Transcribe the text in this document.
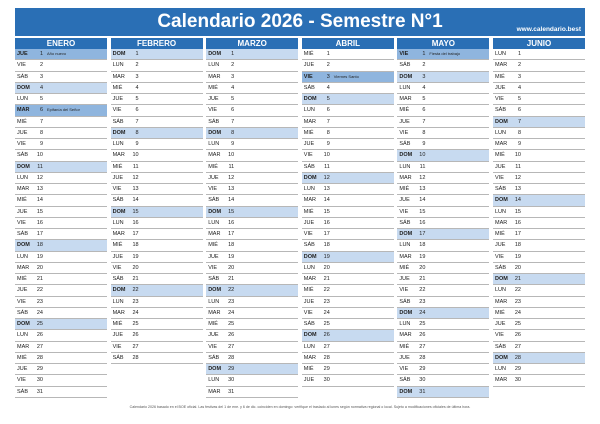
Calendario 2026 - Semestre N°1	www.calendario.best
ENERO
JUE	1 Año nuevo
VIE	2
SÁB	3
DOM	4
LUN	5
MAR	6 Epifanía del Señor
MIÉ	7
JUE	8
VIE	9
SÁB	10
DOM	11
LUN	12
MAR	13
MIÉ	14
JUE	15
VIE	16
SÁB	17
DOM	18
LUN	19
MAR	20
MIÉ	21
JUE	22
VIE	23
SÁB	24
DOM	25
LUN	26
MAR	27
MIÉ	28
JUE	29
VIE	30
SÁB	31
FEBRERO
DOM	1
LUN	2
MAR	3
MIÉ	4
JUE	5
VIE	6
SÁB	7
DOM	8
LUN	9
MAR	10
MIÉ	11
JUE	12
VIE	13
SÁB	14
DOM	15
LUN	16
MAR	17
MIÉ	18
JUE	19
VIE	20
SÁB	21
DOM	22
LUN	23
MAR	24
MIÉ	25
JUE	26
VIE	27
SÁB	28
MARZO
DOM	1
LUN	2
MAR	3
MIÉ	4
JUE	5
VIE	6
SÁB	7
DOM	8
LUN	9
MAR	10
MIÉ	11
JUE	12
VIE	13
SÁB	14
DOM	15
LUN	16
MAR	17
MIÉ	18
JUE	19
VIE	20
SÁB	21
DOM	22
LUN	23
MAR	24
MIÉ	25
JUE	26
VIE	27
SÁB	28
DOM	29
LUN	30
MAR	31
ABRIL
MIÉ	1
JUE	2
VIE	3 Viernes Santo
SÁB	4
DOM	5
LUN	6
MAR	7
MIÉ	8
JUE	9
VIE	10
SÁB	11
DOM	12
LUN	13
MAR	14
MIÉ	15
JUE	16
VIE	17
SÁB	18
DOM	19
LUN	20
MAR	21
MIÉ	22
JUE	23
VIE	24
SÁB	25
DOM	26
LUN	27
MAR	28
MIÉ	29
JUE	30
MAYO
VIE	1 Fiesta del trabajo
SÁB	2
DOM	3
LUN	4
MAR	5
MIÉ	6
JUE	7
VIE	8
SÁB	9
DOM	10
LUN	11
MAR	12
MIÉ	13
JUE	14
VIE	15
SÁB	16
DOM	17
LUN	18
MAR	19
MIÉ	20
JUE	21
VIE	22
SÁB	23
DOM	24
LUN	25
MAR	26
MIÉ	27
JUE	28
VIE	29
SÁB	30
DOM	31
JUNIO
LUN	1
MAR	2
MIÉ	3
JUE	4
VIE	5
SÁB	6
DOM	7
LUN	8
MAR	9
MIÉ	10
JUE	11
VIE	12
SÁB	13
DOM	14
LUN	15
MAR	16
MIÉ	17
JUE	18
VIE	19
SÁB	20
DOM	21
LUN	22
MAR	23
MIÉ	24
JUE	25
VIE	26
SÁB	27
DOM	28
LUN	29
MAR	30
Calendario 2026 basado en el BOE oficial. Las festivas del 1 de ene. y 6 de dic. coinciden en domingo: verifique el traslado al lunes según normativa regional o local. Sujeto a modificaciones oficiales de última hora.
